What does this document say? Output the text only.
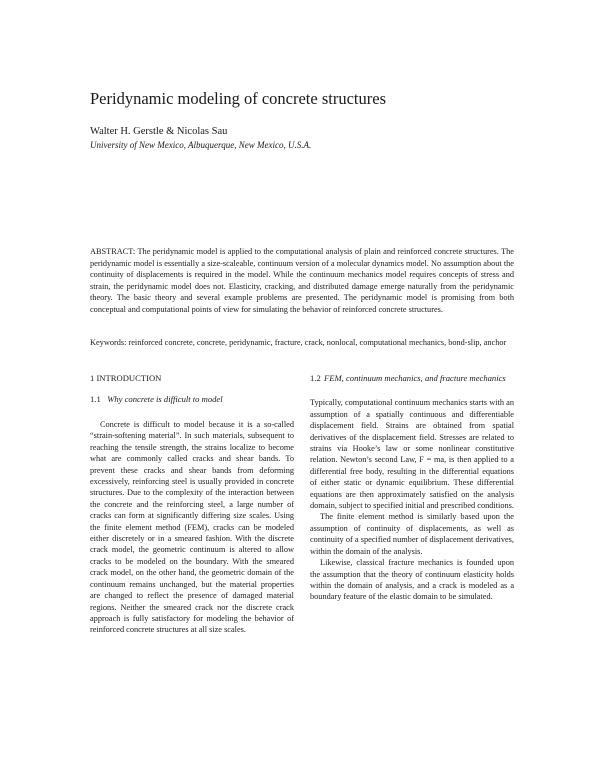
Peridynamic modeling of concrete structures
Walter H. Gerstle & Nicolas Sau
University of New Mexico, Albuquerque, New Mexico, U.S.A.

ABSTRACT: The peridynamic model is applied to the computational analysis of plain and reinforced concrete structures. The peridynamic model is essentially a size-scaleable, continuum version of a molecular dynamics model. No assumption about the continuity of displacements is required in the model. While the continuum mechanics model requires concepts of stress and strain, the peridynamic model does not. Elasticity, cracking, and distributed damage emerge naturally from the peridynamic theory. The basic theory and several example problems are presented. The peridynamic model is promising from both conceptual and computational points of view for simulating the behavior of reinforced concrete structures.

Keywords: reinforced concrete, concrete, peridynamic, fracture, crack, nonlocal, computational mechanics, bond-slip, anchor

1 INTRODUCTION
1.1 Why concrete is difficult to model

Concrete is difficult to model because it is a so-called “strain-softening material”. In such materials, subsequent to reaching the tensile strength, the strains localize to become what are commonly called cracks and shear bands. To prevent these cracks and shear bands from deforming excessively, reinforcing steel is usually provided in concrete structures. Due to the complexity of the interaction between the concrete and the reinforcing steel, a large number of cracks can form at significantly differing size scales. Using the finite element method (FEM), cracks can be modeled either discretely or in a smeared fashion. With the discrete crack model, the geometric continuum is altered to allow cracks to be modeled on the boundary. With the smeared crack model, on the other hand, the geometric domain of the continuum remains unchanged, but the material properties are changed to reflect the presence of damaged material regions. Neither the smeared crack nor the discrete crack approach is fully satisfactory for modeling the behavior of reinforced concrete structures at all size scales.

1.2 FEM, continuum mechanics, and fracture mechanics

Typically, computational continuum mechanics starts with an assumption of a spatially continuous and differentiable displacement field. Strains are obtained from spatial derivatives of the displacement field. Stresses are related to strains via Hooke’s law or some nonlinear constitutive relation. Newton’s second Law, F = ma, is then applied to a differential free body, resulting in the differential equations of either static or dynamic equilibrium. These differential equations are then approximately satisfied on the analysis domain, subject to specified initial and prescribed conditions.

The finite element method is similarly based upon the assumption of continuity of displacements, as well as continuity of a specified number of displacement derivatives, within the domain of the analysis.

Likewise, classical fracture mechanics is founded upon the assumption that the theory of continuum elasticity holds within the domain of analysis, and a crack is modeled as a boundary feature of the elastic domain to be simulated.
